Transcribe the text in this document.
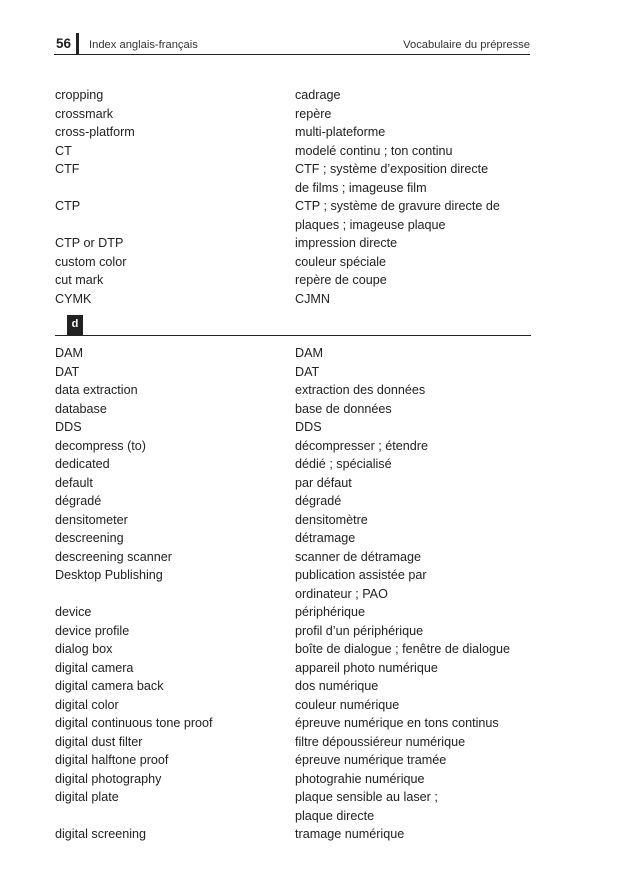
56 Index anglais-français	Vocabulaire du prépresse
cropping	cadrage
crossmark	repère
cross-platform	multi-plateforme
CT	modelé continu ; ton continu
CTF	CTF ; système d’exposition directe
de films ; imageuse film
CTP	CTP ; système de gravure directe de
plaques ; imageuse plaque
CTP or DTP	impression directe
custom color	couleur spéciale
cut mark	repère de coupe
CYMK	CJMN
d
DAM	DAM
DAT	DAT
data extraction	extraction des données
database	base de données
DDS	DDS
decompress (to)	décompresser ; étendre
dedicated	dédié ; spécialisé
default	par défaut
dégradé	dégradé
densitometer	densitomètre
descreening	détramage
descreening scanner	scanner de détramage
Desktop Publishing	publication assistée par
ordinateur ; PAO
device	périphérique
device profile	profil d’un périphérique
dialog box	boîte de dialogue ; fenêtre de dialogue
digital camera	appareil photo numérique
digital camera back	dos numérique
digital color	couleur numérique
digital continuous tone proof	épreuve numérique en tons continus
digital dust filter	filtre dépoussiéreur numérique
digital halftone proof	épreuve numérique tramée
digital photography	photograhie numérique
digital plate	plaque sensible au laser ;
plaque directe
digital screening	tramage numérique
